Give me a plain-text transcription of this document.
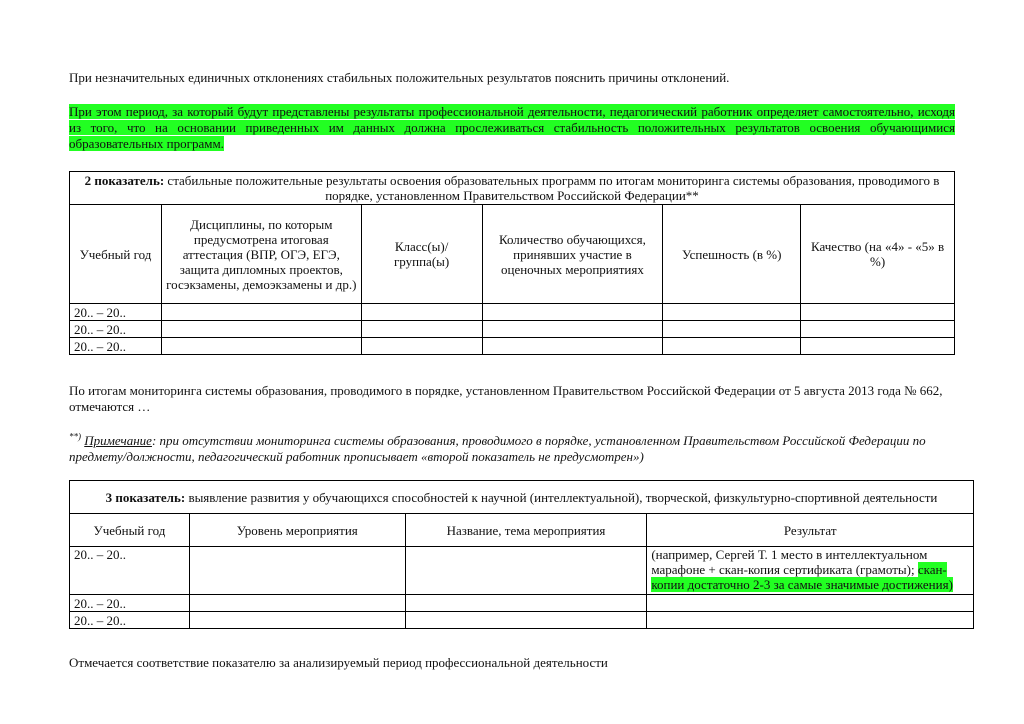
При незначительных единичных отклонениях стабильных положительных результатов пояснить причины отклонений.

При этом период, за который будут представлены результаты профессиональной деятельности, педагогический работник определяет самостоятельно, исходя из того, что на основании приведенных им данных должна прослеживаться стабильность положительных результатов освоения обучающимися образовательных программ.

2 показатель: стабильные положительные результаты освоения образовательных программ по итогам мониторинга системы образования, проводимого в порядке, установленном Правительством Российской Федерации**					
Учебный год	Дисциплины, по которым предусмотрена итоговая аттестация (ВПР, ОГЭ, ЕГЭ, защита дипломных проектов, госэкзамены, демоэкзамены и др.)	Класс(ы)/ группа(ы)	Количество обучающихся, принявших участие в оценочных мероприятиях	Успешность (в %)	Качество (на «4» - «5» в %)
20.. – 20..					
20.. – 20..					
20.. – 20..					

По итогам мониторинга системы образования, проводимого в порядке, установленном Правительством Российской Федерации от 5 августа 2013 года № 662, отмечаются …

**) Примечание: при отсутствии мониторинга системы образования, проводимого в порядке, установленном Правительством Российской Федерации по предмету/должности, педагогический работник прописывает «второй показатель не предусмотрен»)

3 показатель: выявление развития у обучающихся способностей к научной (интеллектуальной), творческой, физкультурно-спортивной деятельности			
Учебный год	Уровень мероприятия	Название, тема мероприятия	Результат
20.. – 20..			(например, Сергей Т. 1 место в интеллектуальном марафоне + скан-копия сертификата (грамоты); скан-копии достаточно 2-3 за самые значимые достижения)
20.. – 20..			
20.. – 20..			

Отмечается соответствие показателю за анализируемый период профессиональной деятельности
